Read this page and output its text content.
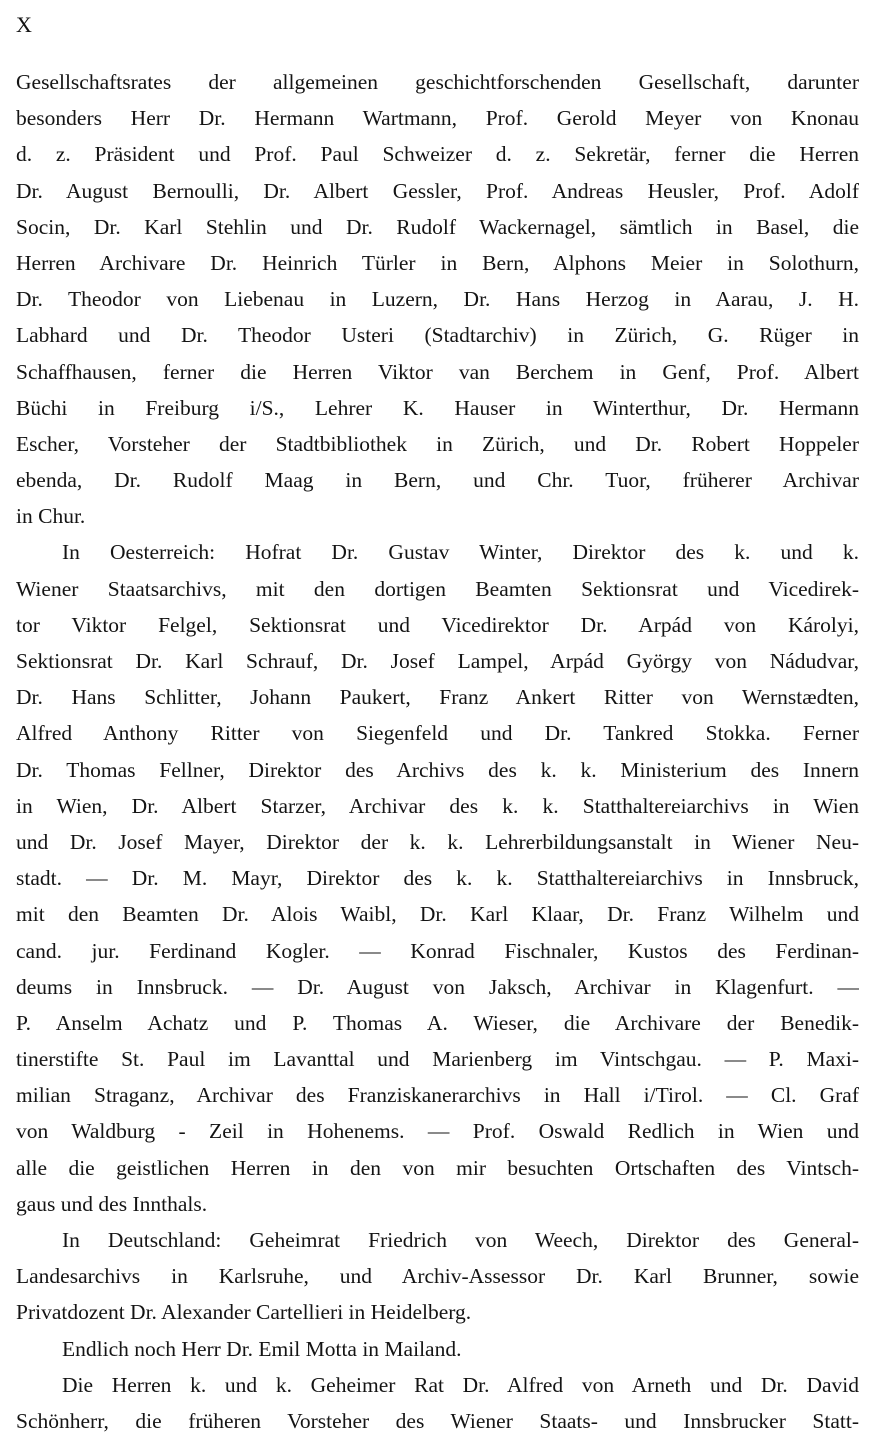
X
Gesellschaftsrates der allgemeinen geschichtforschenden Gesellschaft, darunter
besonders Herr Dr. Hermann Wartmann, Prof. Gerold Meyer von Knonau
d. z. Präsident und Prof. Paul Schweizer d. z. Sekretär, ferner die Herren
Dr. August Bernoulli, Dr. Albert Gessler, Prof. Andreas Heusler, Prof. Adolf
Socin, Dr. Karl Stehlin und Dr. Rudolf Wackernagel, sämtlich in Basel, die
Herren Archivare Dr. Heinrich Türler in Bern, Alphons Meier in Solothurn,
Dr. Theodor von Liebenau in Luzern, Dr. Hans Herzog in Aarau, J. H.
Labhard und Dr. Theodor Usteri (Stadtarchiv) in Zürich, G. Rüger in
Schaffhausen, ferner die Herren Viktor van Berchem in Genf, Prof. Albert
Büchi in Freiburg i/S., Lehrer K. Hauser in Winterthur, Dr. Hermann
Escher, Vorsteher der Stadtbibliothek in Zürich, und Dr. Robert Hoppeler
ebenda, Dr. Rudolf Maag in Bern, und Chr. Tuor, früherer Archivar
in Chur.
In Oesterreich: Hofrat Dr. Gustav Winter, Direktor des k. und k.
Wiener Staatsarchivs, mit den dortigen Beamten Sektionsrat und Vicedirek-
tor Viktor Felgel, Sektionsrat und Vicedirektor Dr. Arpád von Károlyi,
Sektionsrat Dr. Karl Schrauf, Dr. Josef Lampel, Arpád György von Nádudvar,
Dr. Hans Schlitter, Johann Paukert, Franz Ankert Ritter von Wernstædten,
Alfred Anthony Ritter von Siegenfeld und Dr. Tankred Stokka. Ferner
Dr. Thomas Fellner, Direktor des Archivs des k. k. Ministerium des Innern
in Wien, Dr. Albert Starzer, Archivar des k. k. Statthaltereiarchivs in Wien
und Dr. Josef Mayer, Direktor der k. k. Lehrerbildungsanstalt in Wiener Neu-
stadt. — Dr. M. Mayr, Direktor des k. k. Statthaltereiarchivs in Innsbruck,
mit den Beamten Dr. Alois Waibl, Dr. Karl Klaar, Dr. Franz Wilhelm und
cand. jur. Ferdinand Kogler. — Konrad Fischnaler, Kustos des Ferdinan-
deums in Innsbruck. — Dr. August von Jaksch, Archivar in Klagenfurt. —
P. Anselm Achatz und P. Thomas A. Wieser, die Archivare der Benedik-
tinerstifte St. Paul im Lavanttal und Marienberg im Vintschgau. — P. Maxi-
milian Straganz, Archivar des Franziskanerarchivs in Hall i/Tirol. — Cl. Graf
von Waldburg - Zeil in Hohenems. — Prof. Oswald Redlich in Wien und
alle die geistlichen Herren in den von mir besuchten Ortschaften des Vintsch-
gaus und des Innthals.
In Deutschland: Geheimrat Friedrich von Weech, Direktor des General-
Landesarchivs in Karlsruhe, und Archiv-Assessor Dr. Karl Brunner, sowie
Privatdozent Dr. Alexander Cartellieri in Heidelberg.
Endlich noch Herr Dr. Emil Motta in Mailand.
Die Herren k. und k. Geheimer Rat Dr. Alfred von Arneth und Dr. David
Schönherr, die früheren Vorsteher des Wiener Staats- und Innsbrucker Statt-
